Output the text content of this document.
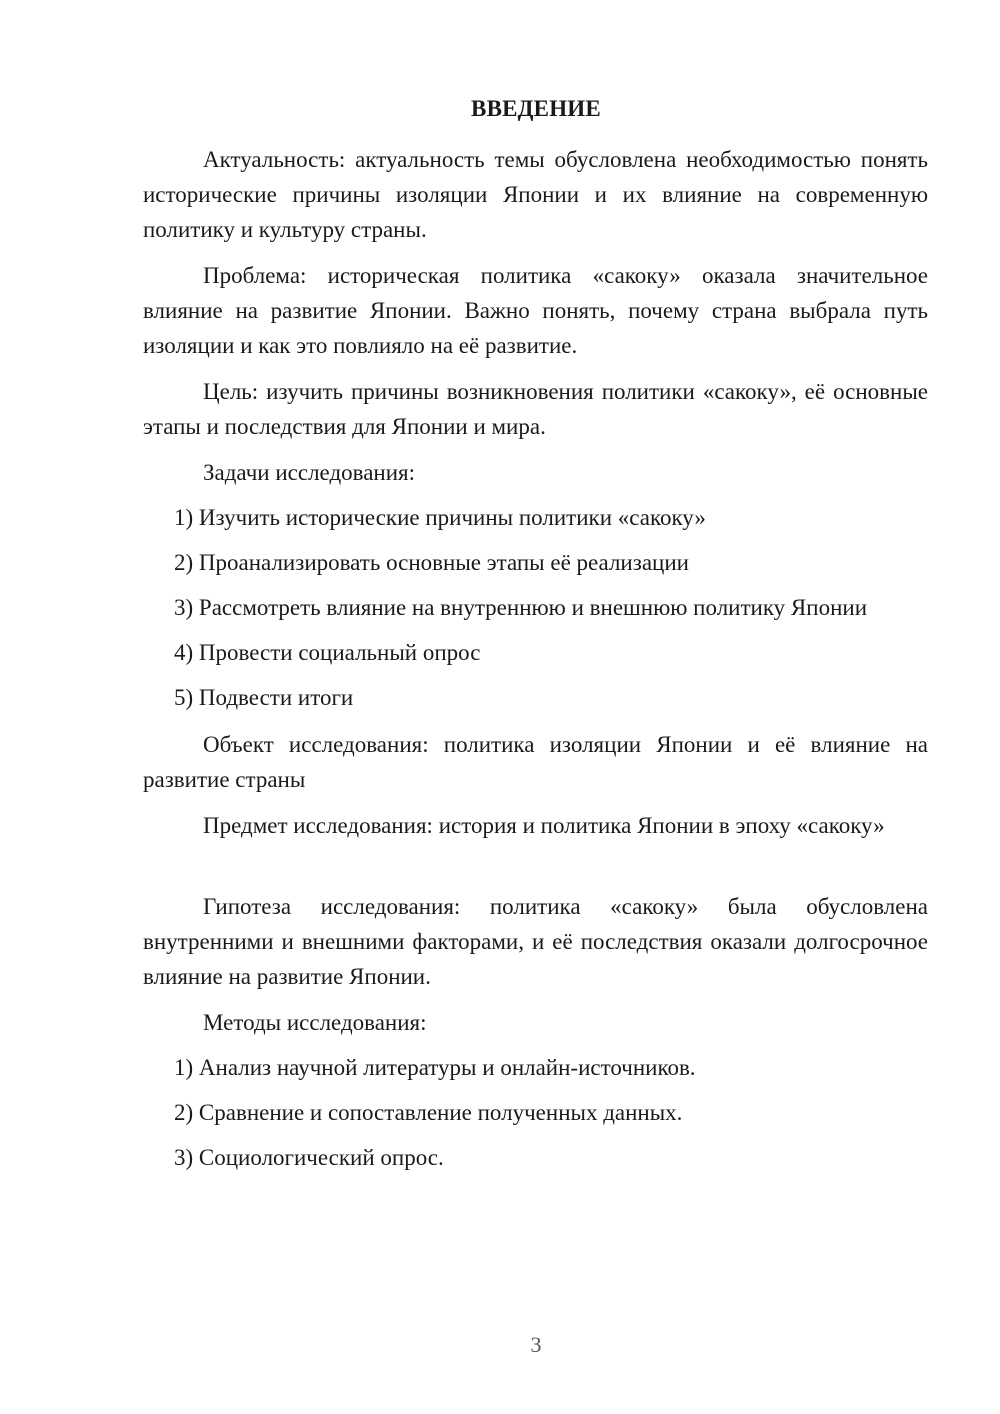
ВВЕДЕНИЕ

Актуальность: актуальность темы обусловлена необходимостью понять исторические причины изоляции Японии и их влияние на современную политику и культуру страны.

Проблема: историческая политика «сакоку» оказала значительное влияние на развитие Японии. Важно понять, почему страна выбрала путь изоляции и как это повлияло на её развитие.

Цель: изучить причины возникновения политики «сакоку», её основные этапы и последствия для Японии и мира.

Задачи исследования:
1) Изучить исторические причины политики «сакоку»
2) Проанализировать основные этапы её реализации
3) Рассмотреть влияние на внутреннюю и внешнюю политику Японии
4) Провести социальный опрос
5) Подвести итоги

Объект исследования: политика изоляции Японии и её влияние на развитие страны

Предмет исследования: история и политика Японии в эпоху «сакоку»

Гипотеза исследования: политика «сакоку» была обусловлена внутренними и внешними факторами, и её последствия оказали долгосрочное влияние на развитие Японии.

Методы исследования:
1) Анализ научной литературы и онлайн-источников.
2) Сравнение и сопоставление полученных данных.
3) Социологический опрос.
3
